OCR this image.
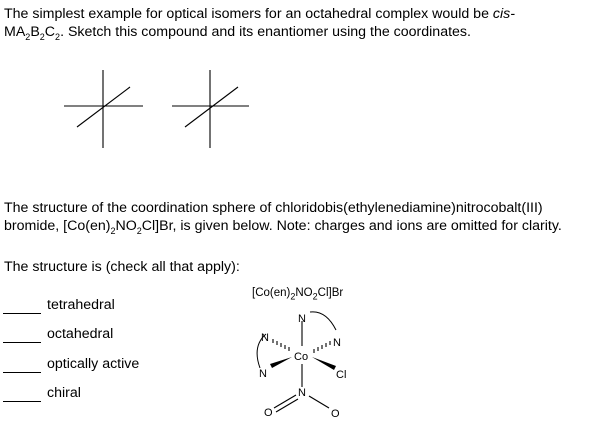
The simplest example for optical isomers for an octahedral complex would be cis-
$MA_2B_2C_2$. Sketch this compound and its enantiomer using the coordinates.

The structure of the coordination sphere of chloridobis(ethylenediamine)nitrocobalt(III)
bromide, $[Co(en)_2NO_2Cl]Br$, is given below. Note: charges and ions are omitted for clarity.

The structure is (check all that apply):

tetrahedral
octahedral
optically active
chiral
$[Co(en)_2NO_2Cl]Br$
N
N	N
Co
N	Cl
N
O	O
